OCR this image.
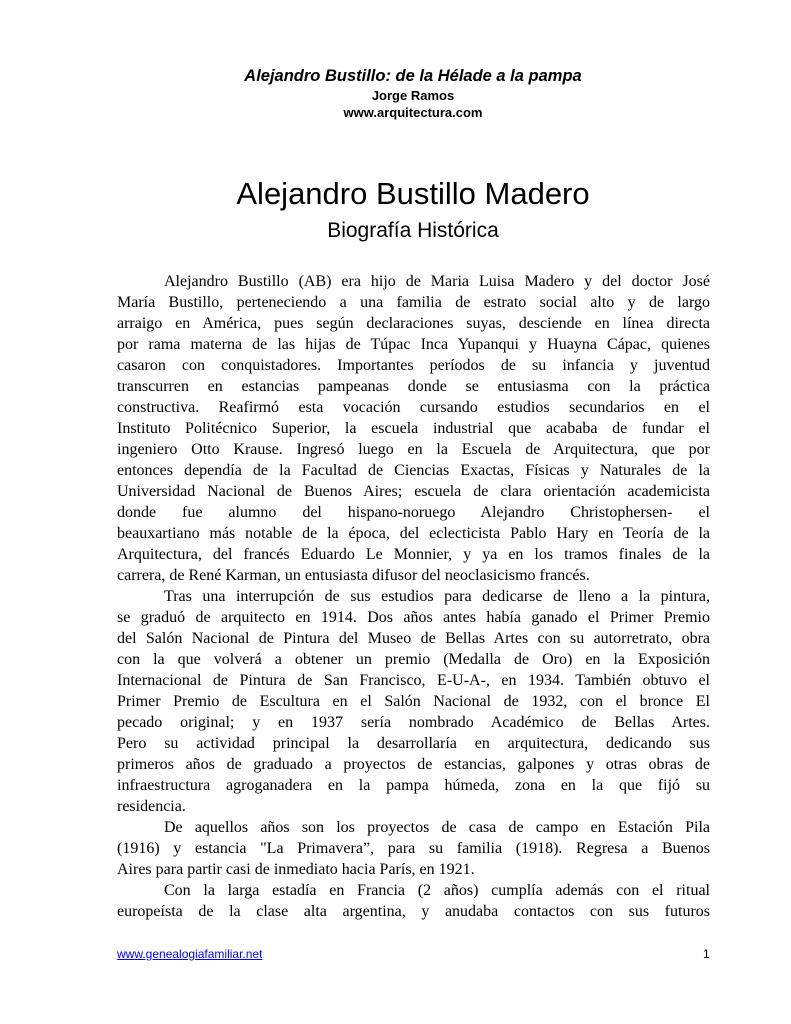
Alejandro Bustillo: de la Hélade a la pampa
Jorge Ramos
www.arquitectura.com
Alejandro Bustillo Madero
Biografía Histórica
Alejandro Bustillo (AB) era hijo de Maria Luisa Madero y del doctor José
María Bustillo, perteneciendo a una familia de estrato social alto y de largo
arraigo en América, pues según declaraciones suyas, desciende en línea directa
por rama materna de las hijas de Túpac Inca Yupanqui y Huayna Cápac, quienes
casaron con conquistadores. Importantes períodos de su infancia y juventud
transcurren en estancias pampeanas donde se entusiasma con la práctica
constructiva. Reafirmó esta vocación cursando estudios secundarios en el
Instituto Politécnico Superior, la escuela industrial que acababa de fundar el
ingeniero Otto Krause. Ingresó luego en la Escuela de Arquitectura, que por
entonces dependía de la Facultad de Ciencias Exactas, Físicas y Naturales de la
Universidad Nacional de Buenos Aires; escuela de clara orientación academicista
donde fue alumno del hispano-noruego Alejandro Christophersen- el
beauxartiano más notable de la época, del eclecticista Pablo Hary en Teoría de la
Arquitectura, del francés Eduardo Le Monnier, y ya en los tramos finales de la
carrera, de René Karman, un entusiasta difusor del neoclasicismo francés.
Tras una interrupción de sus estudios para dedicarse de lleno a la pintura,
se graduó de arquitecto en 1914. Dos años antes había ganado el Primer Premio
del Salón Nacional de Pintura del Museo de Bellas Artes con su autorretrato, obra
con la que volverá a obtener un premio (Medalla de Oro) en la Exposición
Internacional de Pintura de San Francisco, E-U-A-, en 1934. También obtuvo el
Primer Premio de Escultura en el Salón Nacional de 1932, con el bronce El
pecado original; y en 1937 sería nombrado Académico de Bellas Artes.
Pero su actividad principal la desarrollaría en arquitectura, dedicando sus
primeros años de graduado a proyectos de estancias, galpones y otras obras de
infraestructura agroganadera en la pampa húmeda, zona en la que fijó su
residencia.
De aquellos años son los proyectos de casa de campo en Estación Pila
(1916) y estancia "La Primavera”, para su familia (1918). Regresa a Buenos
Aires para partir casi de inmediato hacia París, en 1921.
Con la larga estadía en Francia (2 años) cumplía además con el ritual
europeísta de la clase alta argentina, y anudaba contactos con sus futuros
www.genealogiafamiliar.net	1
